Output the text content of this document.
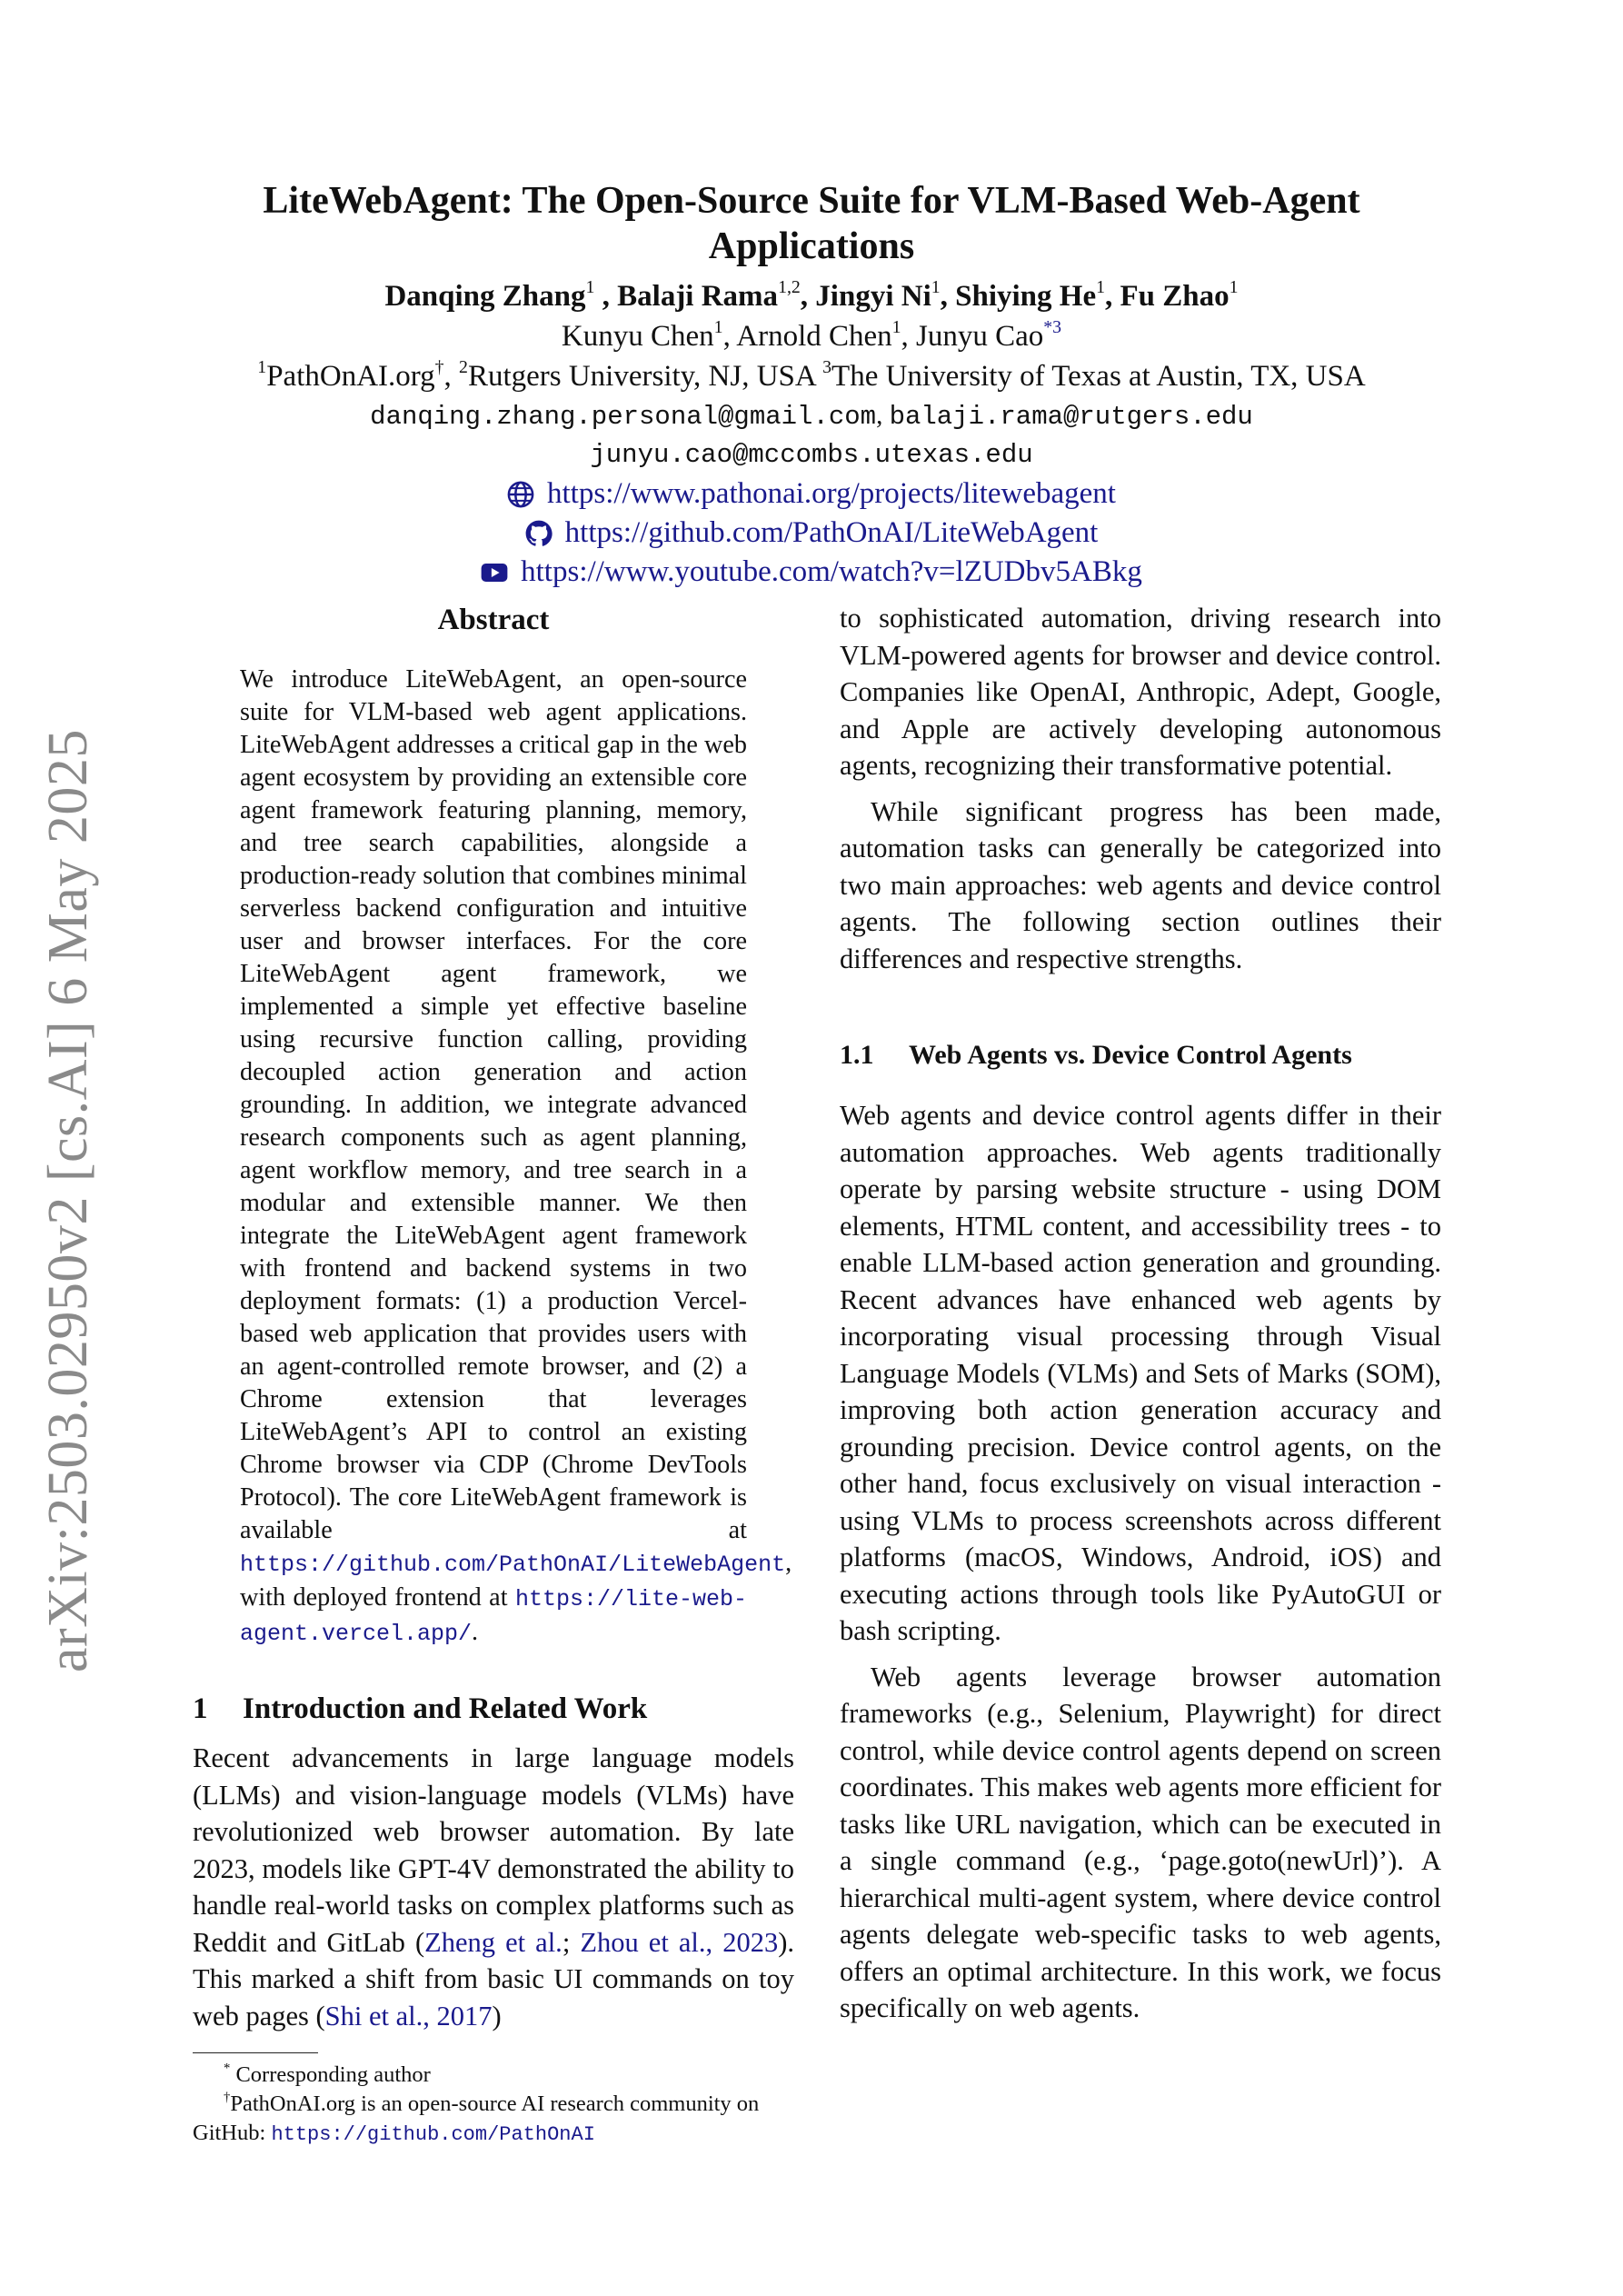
arXiv:2503.02950v2 [cs.AI] 6 May 2025
LiteWebAgent: The Open-Source Suite for VLM-Based Web-Agent
Applications
Danqing Zhang$^1$ , Balaji Rama$^{1,2}$, Jingyi Ni$^1$, Shiying He$^1$, Fu Zhao$^1$
Kunyu Chen$^1$, Arnold Chen$^1$, Junyu Cao$^{*3}$
$^1$PathOnAI.org†, $^2$Rutgers University, NJ, USA $^3$The University of Texas at Austin, TX, USA
danqing.zhang.personal@gmail.com, balaji.rama@rutgers.edu
junyu.cao@mccombs.utexas.edu
https://www.pathonai.org/projects/litewebagent
https://github.com/PathOnAI/LiteWebAgent
https://www.youtube.com/watch?v=lZUDbv5ABkg
Abstract
We introduce LiteWebAgent, an open-source suite for VLM-based web agent applications. LiteWebAgent addresses a critical gap in the web agent ecosystem by providing an extensible core agent framework featuring planning, memory, and tree search capabilities, alongside a production-ready solution that combines minimal serverless backend configuration and intuitive user and browser interfaces. For the core LiteWebAgent agent framework, we implemented a simple yet effective baseline using recursive function calling, providing decoupled action generation and action grounding. In addition, we integrate advanced research components such as agent planning, agent workflow memory, and tree search in a modular and extensible manner. We then integrate the LiteWebAgent agent framework with frontend and backend systems in two deployment formats: (1) a production Vercel-based web application that provides users with an agent-controlled remote browser, and (2) a Chrome extension that leverages LiteWebAgent’s API to control an existing Chrome browser via CDP (Chrome DevTools Protocol). The core LiteWebAgent framework is available at https://github.com/PathOnAI/LiteWebAgent, with deployed frontend at https://lite-web-agent.vercel.app/.
1 Introduction and Related Work

Recent advancements in large language models (LLMs) and vision-language models (VLMs) have revolutionized web browser automation. By late 2023, models like GPT-4V demonstrated the ability to handle real-world tasks on complex platforms such as Reddit and GitLab (Zheng et al.; Zhou et al., 2023). This marked a shift from basic UI commands on toy web pages (Shi et al., 2017)

* Corresponding author

†PathOnAI.org is an open-source AI research community on GitHub: https://github.com/PathOnAI

to sophisticated automation, driving research into VLM-powered agents for browser and device control. Companies like OpenAI, Anthropic, Adept, Google, and Apple are actively developing autonomous agents, recognizing their transformative potential.

While significant progress has been made, automation tasks can generally be categorized into two main approaches: web agents and device control agents. The following section outlines their differences and respective strengths.

1.1 Web Agents vs. Device Control Agents

Web agents and device control agents differ in their automation approaches. Web agents traditionally operate by parsing website structure - using DOM elements, HTML content, and accessibility trees - to enable LLM-based action generation and grounding. Recent advances have enhanced web agents by incorporating visual processing through Visual Language Models (VLMs) and Sets of Marks (SOM), improving both action generation accuracy and grounding precision. Device control agents, on the other hand, focus exclusively on visual interaction - using VLMs to process screenshots across different platforms (macOS, Windows, Android, iOS) and executing actions through tools like PyAutoGUI or bash scripting.

Web agents leverage browser automation frameworks (e.g., Selenium, Playwright) for direct control, while device control agents depend on screen coordinates. This makes web agents more efficient for tasks like URL navigation, which can be executed in a single command (e.g., ‘page.goto(newUrl)’). A hierarchical multi-agent system, where device control agents delegate web-specific tasks to web agents, offers an optimal architecture. In this work, we focus specifically on web agents.
